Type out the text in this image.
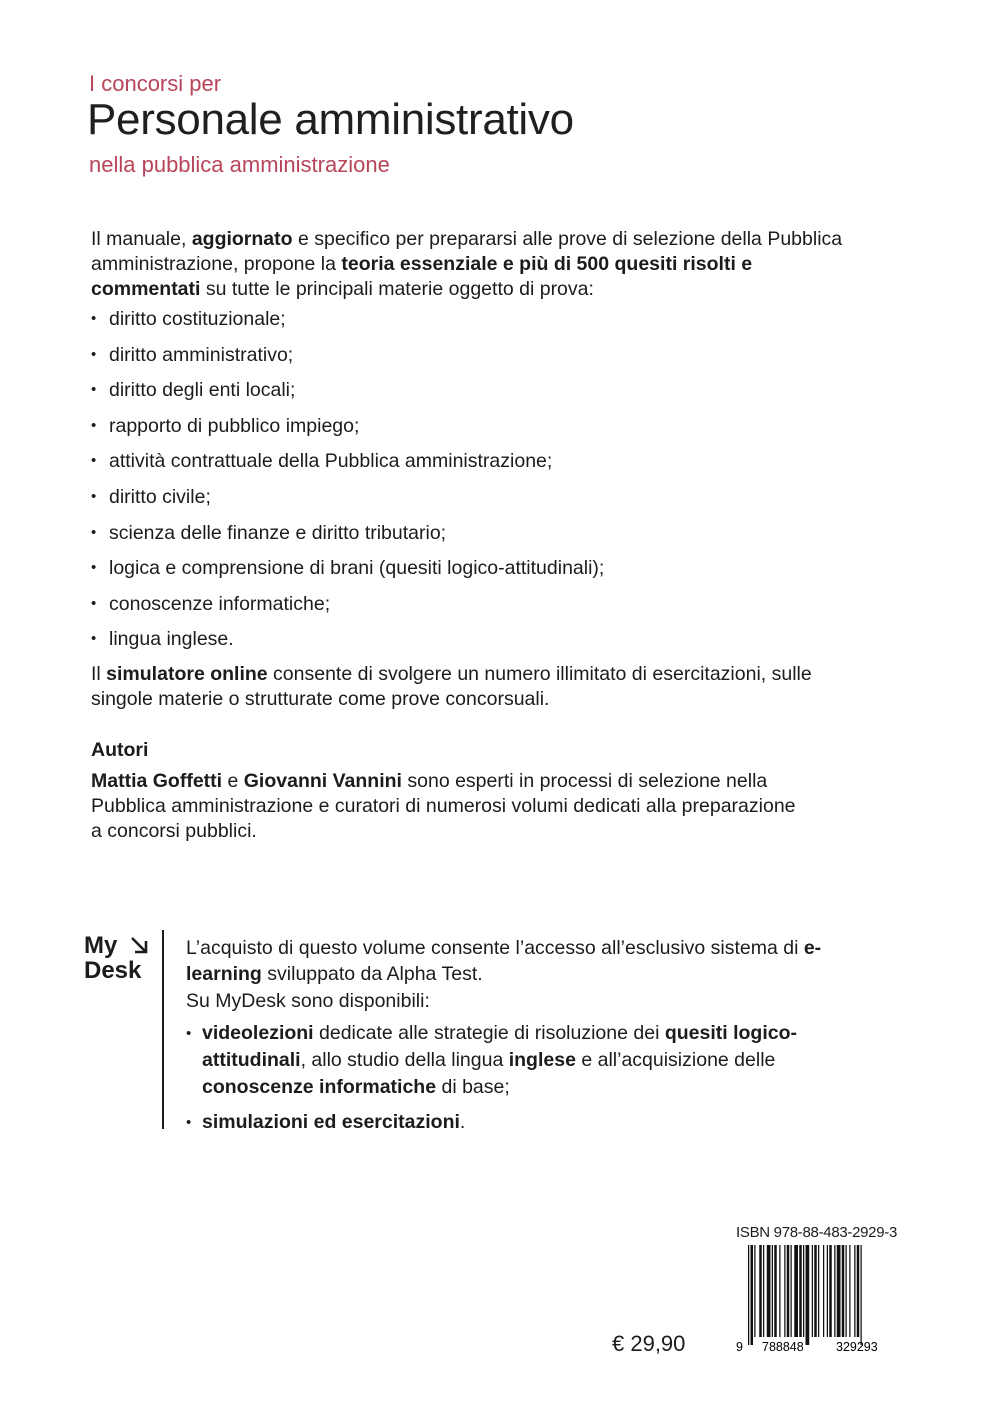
I concorsi per

Personale amministrativo

nella pubblica amministrazione

Il manuale, aggiornato e specifico per prepararsi alle prove di selezione della Pubblica amministrazione, propone la teoria essenziale e più di 500 quesiti risolti e commentati su tutte le principali materie oggetto di prova:

• diritto costituzionale;
• diritto amministrativo;
• diritto degli enti locali;
• rapporto di pubblico impiego;
• attività contrattuale della Pubblica amministrazione;
• diritto civile;
• scienza delle finanze e diritto tributario;
• logica e comprensione di brani (quesiti logico-attitudinali);
• conoscenze informatiche;
• lingua inglese.

Il simulatore online consente di svolgere un numero illimitato di esercitazioni, sulle singole materie o strutturate come prove concorsuali.

Autori

Mattia Goffetti e Giovanni Vannini sono esperti in processi di selezione nella Pubblica amministrazione e curatori di numerosi volumi dedicati alla preparazione a concorsi pubblici.

My
Desk

L’acquisto di questo volume consente l’accesso all’esclusivo sistema di e-learning sviluppato da Alpha Test.

Su MyDesk sono disponibili:

• videolezioni dedicate alle strategie di risoluzione dei quesiti logico-attitudinali, allo studio della lingua inglese e all’acquisizione delle conoscenze informatiche di base;
• simulazioni ed esercitazioni.

€ 29,90

ISBN 978-88-483-2929-3

9 788848	329293
